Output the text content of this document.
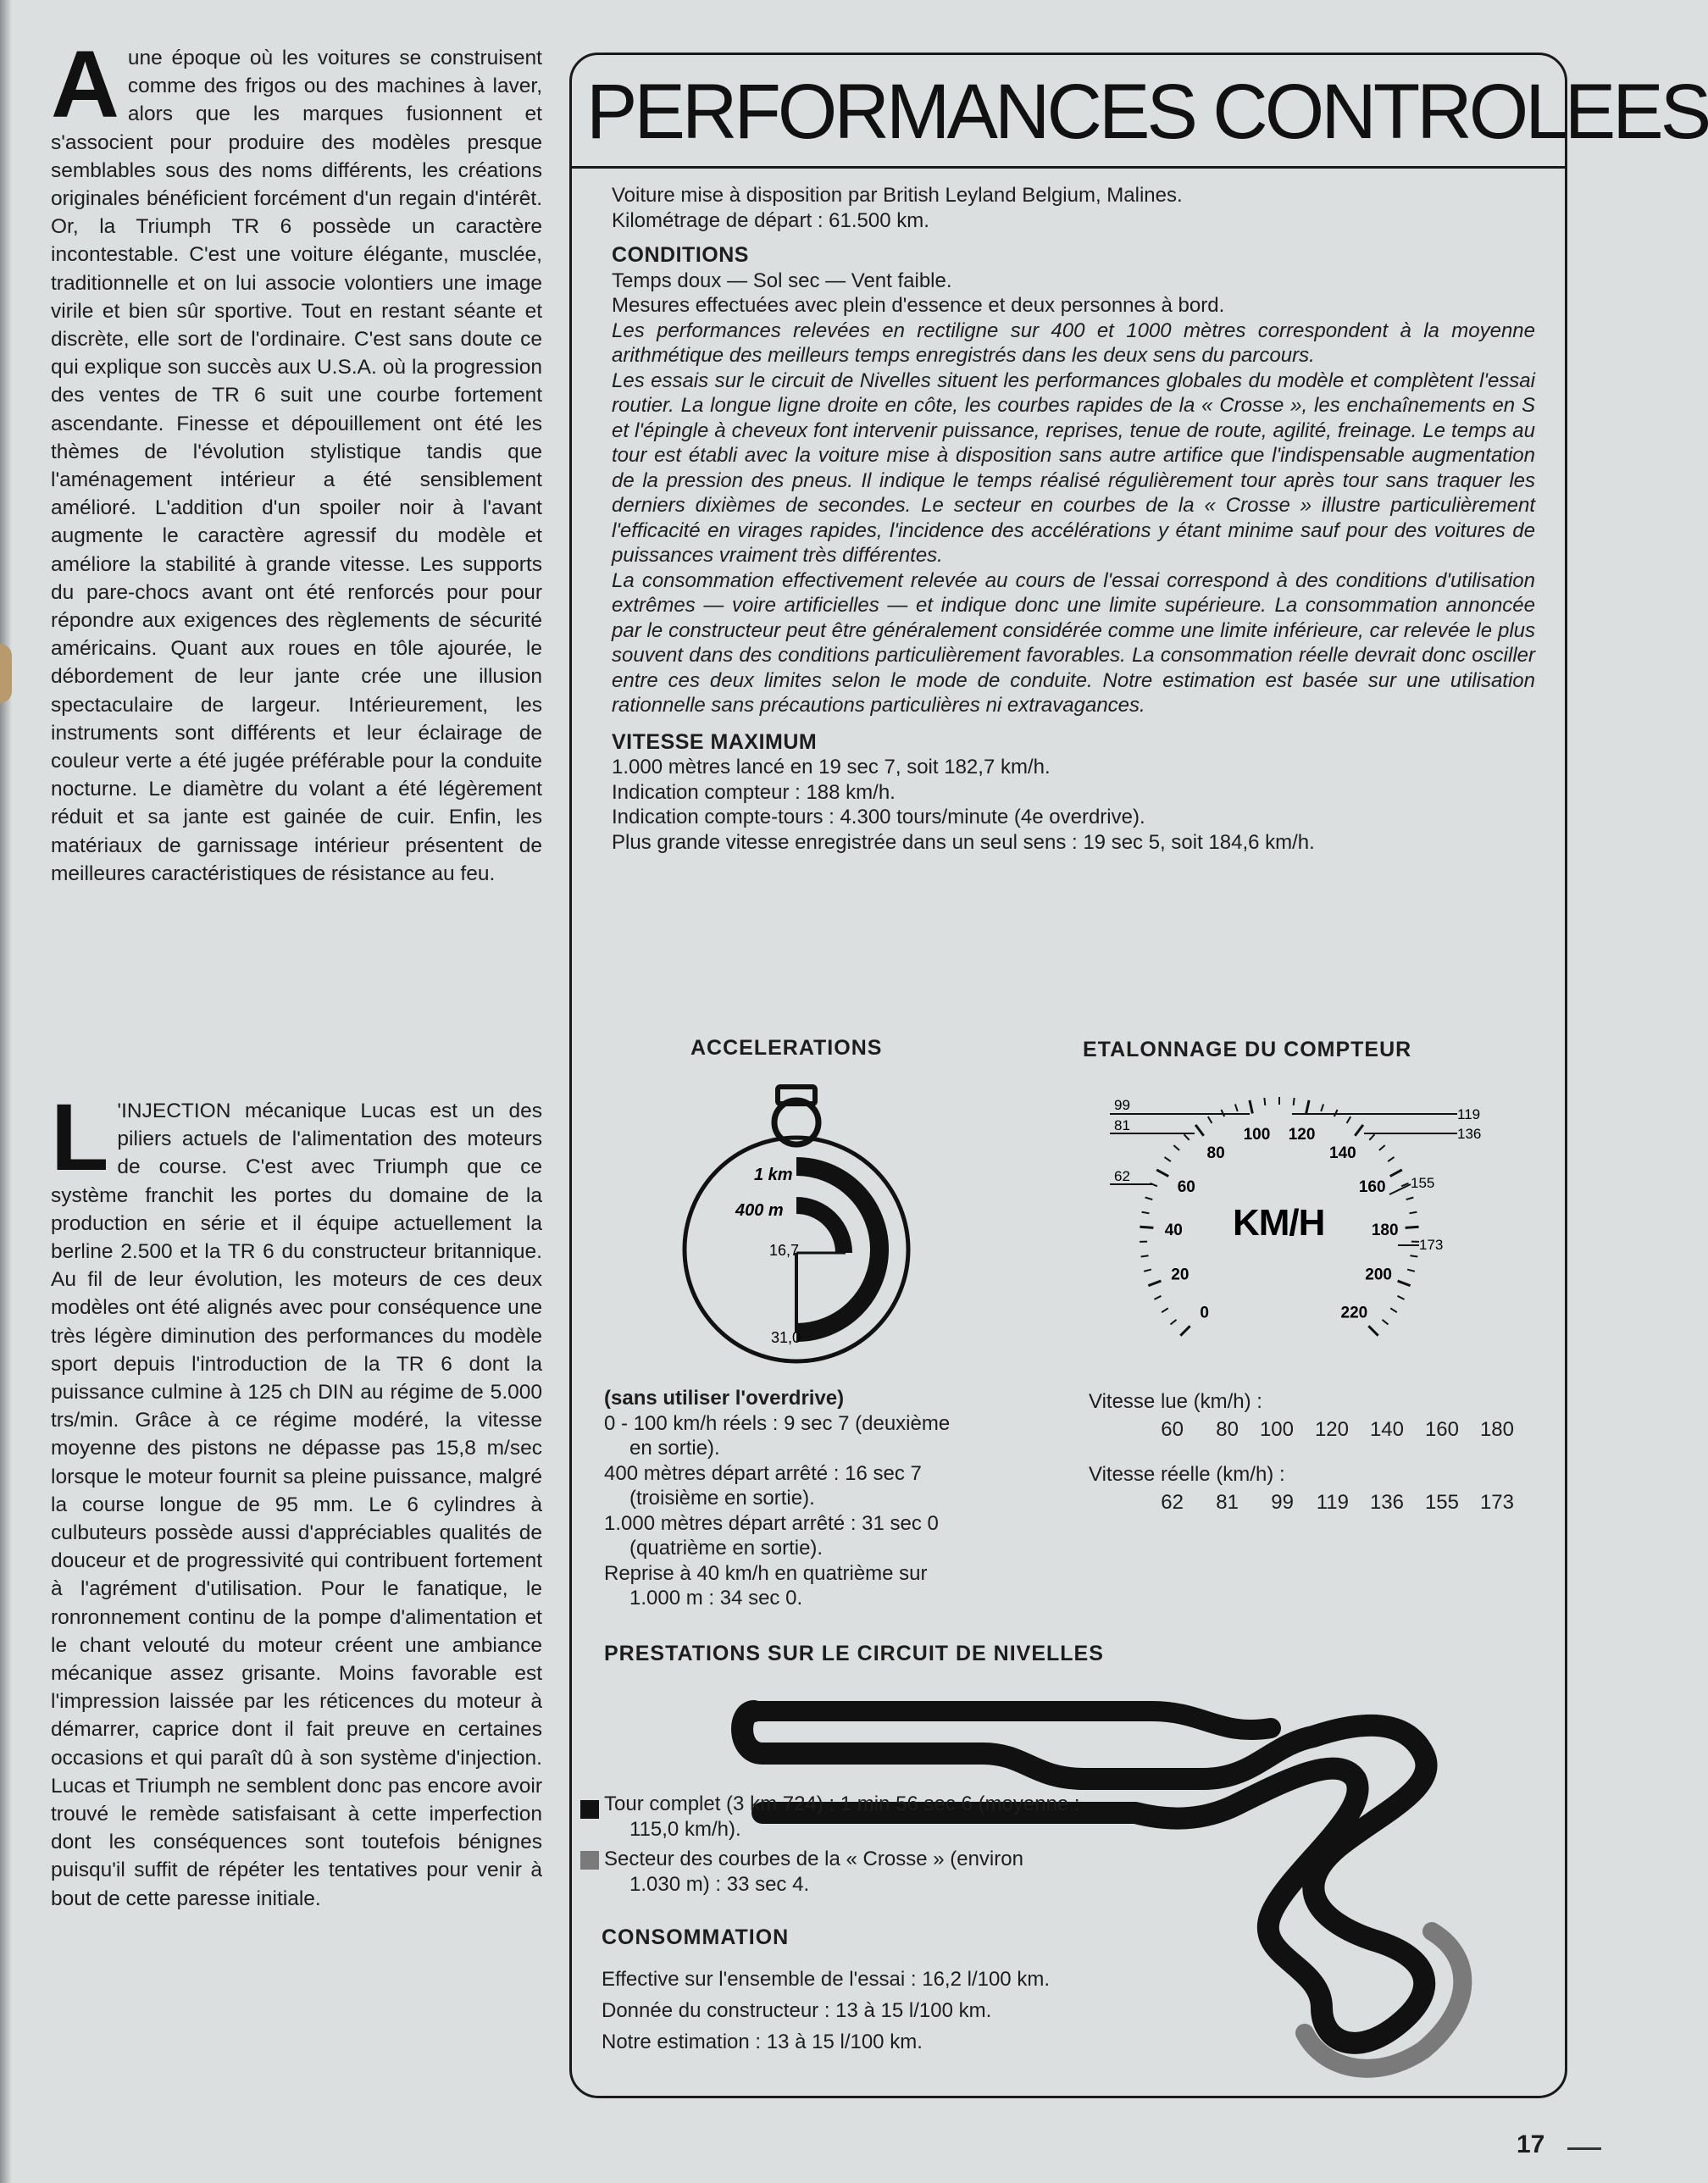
Aune époque où les voitures se construisent comme des frigos ou des machines à laver, alors que les marques fusionnent et s'associent pour produire des modèles presque semblables sous des noms différents, les créations originales bénéficient forcément d'un regain d'intérêt. Or, la Triumph TR 6 possède un caractère incontestable. C'est une voiture élégante, musclée, traditionnelle et on lui associe volontiers une image virile et bien sûr sportive. Tout en restant séante et discrète, elle sort de l'ordinaire. C'est sans doute ce qui explique son succès aux U.S.A. où la progression des ventes de TR 6 suit une courbe fortement ascendante. Finesse et dépouillement ont été les thèmes de l'évolution stylistique tandis que l'aménagement intérieur a été sensiblement amélioré. L'addition d'un spoiler noir à l'avant augmente le caractère agressif du modèle et améliore la stabilité à grande vitesse. Les supports du pare-chocs avant ont été renforcés pour pour répondre aux exigences des règlements de sécurité américains. Quant aux roues en tôle ajourée, le débordement de leur jante crée une illusion spectaculaire de largeur. Intérieurement, les instruments sont différents et leur éclairage de couleur verte a été jugée préférable pour la conduite nocturne. Le diamètre du volant a été légèrement réduit et sa jante est gainée de cuir. Enfin, les matériaux de garnissage intérieur présentent de meilleures caractéristiques de résistance au feu.

L 'INJECTION mécanique Lucas est un des piliers actuels de l'alimentation des moteurs de course. C'est avec Triumph que ce système franchit les portes du domaine de la production en série et il équipe actuellement la berline 2.500 et la TR 6 du constructeur britannique. Au fil de leur évolution, les moteurs de ces deux modèles ont été alignés avec pour conséquence une très légère diminution des performances du modèle sport depuis l'introduction de la TR 6 dont la puissance culmine à 125 ch DIN au régime de 5.000 trs/min. Grâce à ce régime modéré, la vitesse moyenne des pistons ne dépasse pas 15,8 m/sec lorsque le moteur fournit sa pleine puissance, malgré la course longue de 95 mm. Le 6 cylindres à culbuteurs possède aussi d'appréciables qualités de douceur et de progressivité qui contribuent fortement à l'agrément d'utilisation. Pour le fanatique, le ronronnement continu de la pompe d'alimentation et le chant velouté du moteur créent une ambiance mécanique assez grisante. Moins favorable est l'impression laissée par les réticences du moteur à démarrer, caprice dont il fait preuve en certaines occasions et qui paraît dû à son système d'injection. Lucas et Triumph ne semblent donc pas encore avoir trouvé le remède satisfaisant à cette imperfection dont les conséquences sont toutefois bénignes puisqu'il suffit de répéter les tentatives pour venir à bout de cette paresse initiale.

PERFORMANCES CONTROLEES

Voiture mise à disposition par British Leyland Belgium, Malines.

Kilométrage de départ : 61.500 km.

CONDITIONS

Temps doux — Sol sec — Vent faible.

Mesures effectuées avec plein d'essence et deux personnes à bord.

Les performances relevées en rectiligne sur 400 et 1000 mètres correspondent à la moyenne arithmétique des meilleurs temps enregistrés dans les deux sens du parcours.

Les essais sur le circuit de Nivelles situent les performances globales du modèle et complètent l'essai routier. La longue ligne droite en côte, les courbes rapides de la « Crosse », les enchaînements en S et l'épingle à cheveux font intervenir puissance, reprises, tenue de route, agilité, freinage. Le temps au tour est établi avec la voiture mise à disposition sans autre artifice que l'indispensable augmentation de la pression des pneus. Il indique le temps réalisé régulièrement tour après tour sans traquer les derniers dixièmes de secondes. Le secteur en courbes de la « Crosse » illustre particulièrement l'efficacité en virages rapides, l'incidence des accélérations y étant minime sauf pour des voitures de puissances vraiment très différentes.

La consommation effectivement relevée au cours de l'essai correspond à des conditions d'utilisation extrêmes — voire artificielles — et indique donc une limite supérieure. La consommation annoncée par le constructeur peut être généralement considérée comme une limite inférieure, car relevée le plus souvent dans des conditions particulièrement favorables. La consommation réelle devrait donc osciller entre ces deux limites selon le mode de conduite. Notre estimation est basée sur une utilisation rationnelle sans précautions particulières ni extravagances.

VITESSE MAXIMUM

1.000 mètres lancé en 19 sec 7, soit 182,7 km/h.

Indication compteur : 188 km/h.

Indication compte-tours : 4.300 tours/minute (4e overdrive).

Plus grande vitesse enregistrée dans un seul sens : 19 sec 5, soit 184,6 km/h.

ACCELERATIONS	ETALONNAGE DU COMPTEUR
1 km
400 m
16,7
31,0
99
81
62
119
136
155
173
KM/H
0
20
40
60
80
100 120
140
160
180
200
220

(sans utiliser l'overdrive)

0 - 100 km/h réels : 9 sec 7 (deuxième

en sortie).

400 mètres départ arrêté : 16 sec 7

(troisième en sortie).

1.000 mètres départ arrêté : 31 sec 0

(quatrième en sortie).

Reprise à 40 km/h en quatrième sur

1.000 m : 34 sec 0.

Vitesse lue (km/h) :
60	80	100	120	140	160	180
Vitesse réelle (km/h) :
62	81	99	119	136	155	173
PRESTATIONS SUR LE CIRCUIT DE NIVELLES

Tour complet (3 km 724) : 1 min 56 sec 6 (moyenne :

115,0 km/h).

Secteur des courbes de la « Crosse » (environ

1.030 m) : 33 sec 4.

CONSOMMATION

Effective sur l'ensemble de l'essai : 16,2 l/100 km.

Donnée du constructeur : 13 à 15 l/100 km.

Notre estimation : 13 à 15 l/100 km.

17
